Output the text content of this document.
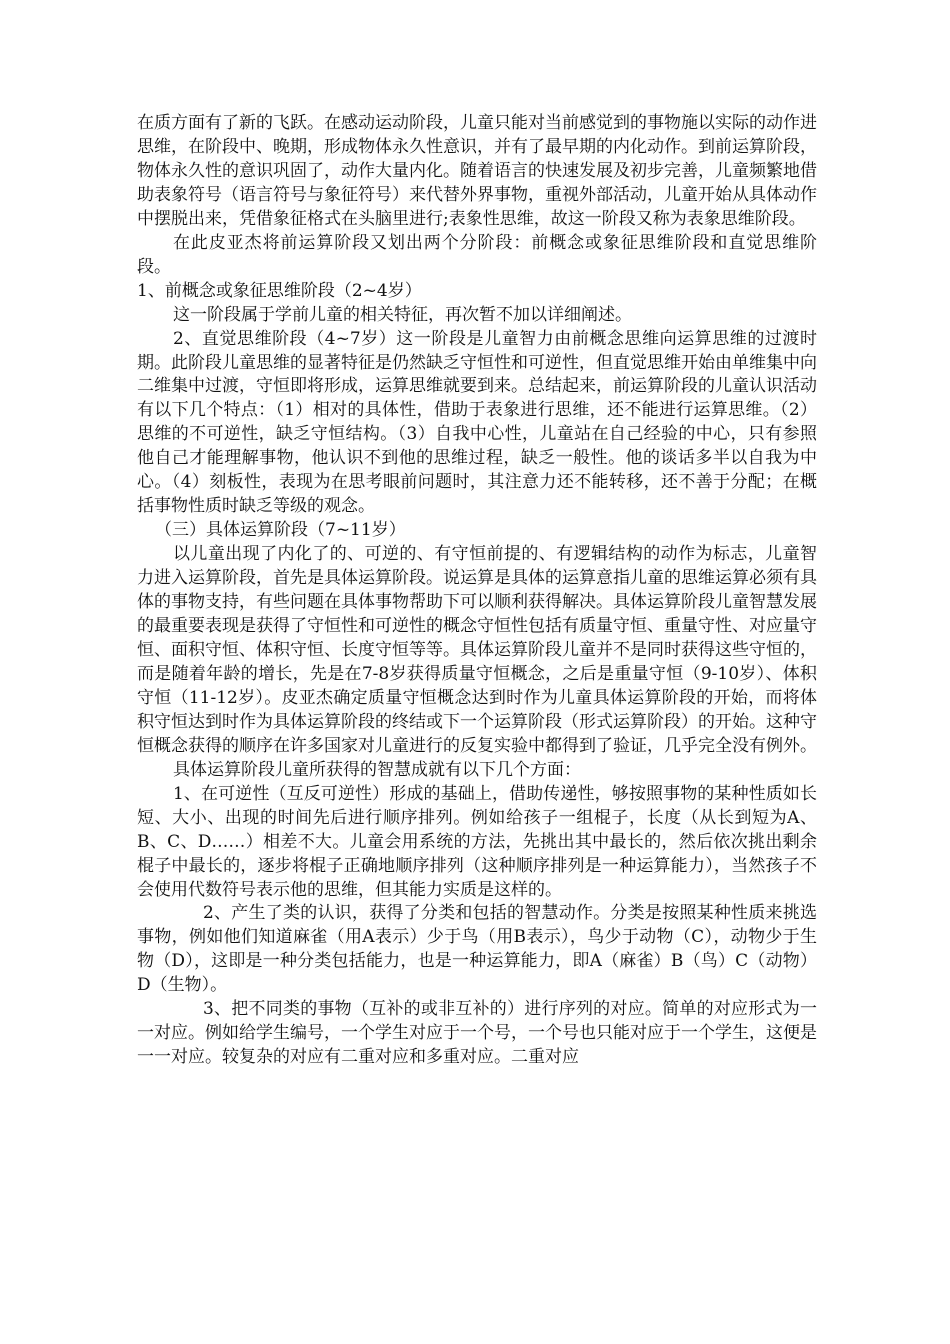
在质方面有了新的飞跃。在感动运动阶段，儿童只能对当前感觉到的事物施以实际的动作进思维，在阶段中、晚期，形成物体永久性意识，并有了最早期的内化动作。到前运算阶段，物体永久性的意识巩固了，动作大量内化。随着语言的快速发展及初步完善，儿童频繁地借助表象符号（语言符号与象征符号）来代替外界事物，重视外部活动，儿童开始从具体动作中摆脱出来，凭借象征格式在头脑里进行;表象性思维，故这一阶段又称为表象思维阶段。

在此皮亚杰将前运算阶段又划出两个分阶段：前概念或象征思维阶段和直觉思维阶段。

1、前概念或象征思维阶段（2~4岁）

这一阶段属于学前儿童的相关特征，再次暂不加以详细阐述。

2、直觉思维阶段（4~7岁）这一阶段是儿童智力由前概念思维向运算思维的过渡时期。此阶段儿童思维的显著特征是仍然缺乏守恒性和可逆性，但直觉思维开始由单维集中向二维集中过渡，守恒即将形成，运算思维就要到来。总结起来，前运算阶段的儿童认识活动有以下几个特点：（1）相对的具体性，借助于表象进行思维，还不能进行运算思维。（2）思维的不可逆性，缺乏守恒结构。（3）自我中心性，儿童站在自己经验的中心，只有参照他自己才能理解事物，他认识不到他的思维过程，缺乏一般性。他的谈话多半以自我为中心。（4）刻板性，表现为在思考眼前问题时，其注意力还不能转移，还不善于分配；在概括事物性质时缺乏等级的观念。

（三）具体运算阶段（7~11岁）

以儿童出现了内化了的、可逆的、有守恒前提的、有逻辑结构的动作为标志，儿童智力进入运算阶段，首先是具体运算阶段。说运算是具体的运算意指儿童的思维运算必须有具体的事物支持，有些问题在具体事物帮助下可以顺利获得解决。具体运算阶段儿童智慧发展的最重要表现是获得了守恒性和可逆性的概念守恒性包括有质量守恒、重量守性、对应量守恒、面积守恒、体积守恒、长度守恒等等。具体运算阶段儿童并不是同时获得这些守恒的，而是随着年龄的增长，先是在7-8岁获得质量守恒概念，之后是重量守恒（9-10岁）、体积守恒（11-12岁）。皮亚杰确定质量守恒概念达到时作为儿童具体运算阶段的开始，而将体积守恒达到时作为具体运算阶段的终结或下一个运算阶段（形式运算阶段）的开始。这种守恒概念获得的顺序在许多国家对儿童进行的反复实验中都得到了验证，几乎完全没有例外。

具体运算阶段儿童所获得的智慧成就有以下几个方面：

1、在可逆性（互反可逆性）形成的基础上，借助传递性，够按照事物的某种性质如长短、大小、出现的时间先后进行顺序排列。例如给孩子一组棍子，长度（从长到短为A、B、C、D……）相差不大。儿童会用系统的方法，先挑出其中最长的，然后依次挑出剩余棍子中最长的，逐步将棍子正确地顺序排列（这种顺序排列是一种运算能力），当然孩子不会使用代数符号表示他的思维，但其能力实质是这样的。

2、产生了类的认识，获得了分类和包括的智慧动作。分类是按照某种性质来挑选事物，例如他们知道麻雀（用A表示）少于鸟（用B表示），鸟少于动物（C），动物少于生物（D），这即是一种分类包括能力，也是一种运算能力，即A（麻雀）B（鸟）C（动物）D（生物）。

3、把不同类的事物（互补的或非互补的）进行序列的对应。简单的对应形式为一一对应。例如给学生编号，一个学生对应于一个号，一个号也只能对应于一个学生，这便是一一对应。较复杂的对应有二重对应和多重对应。二重对应
